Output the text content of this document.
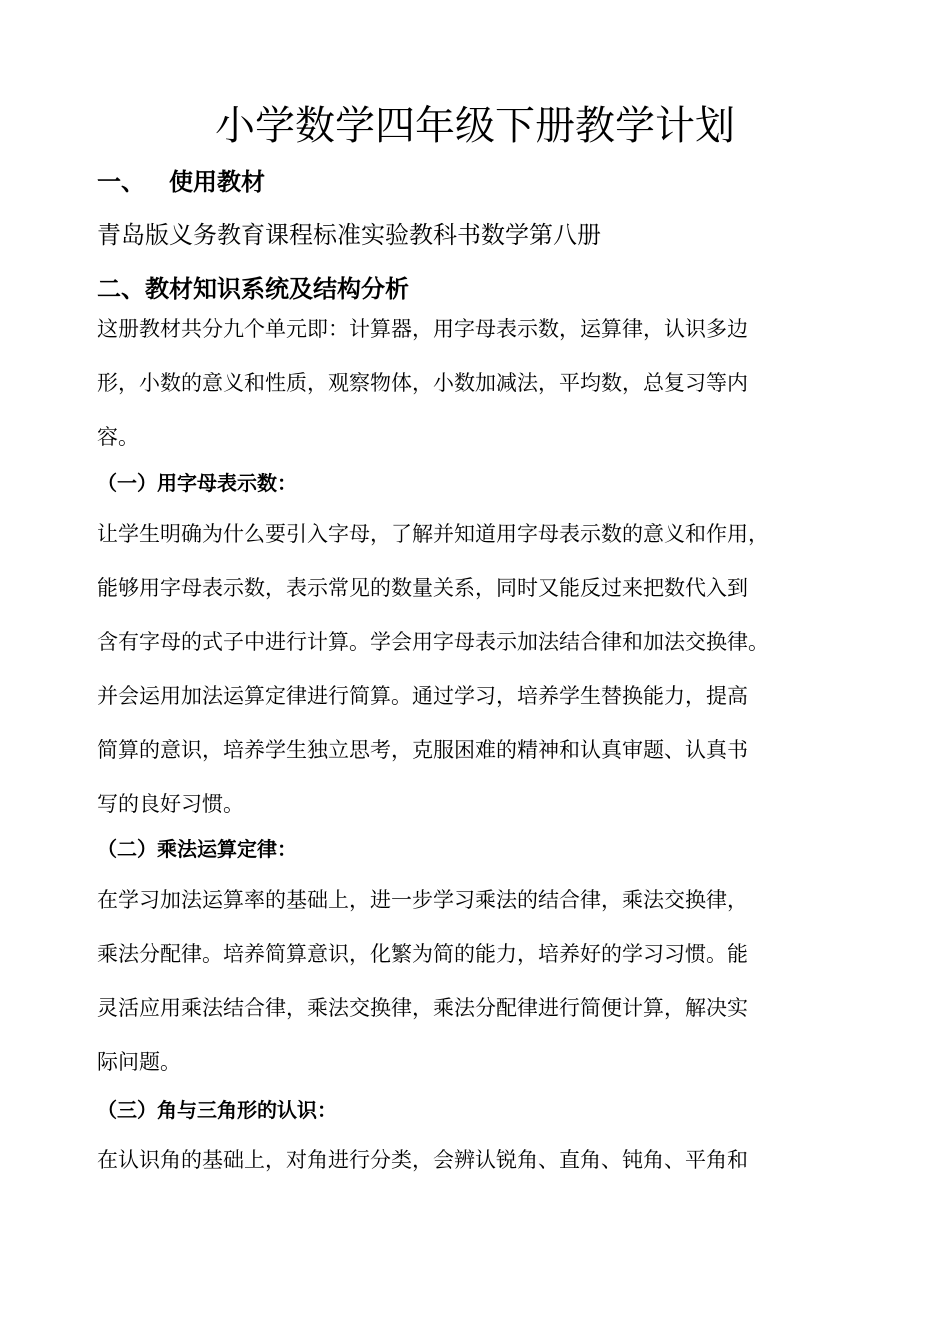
小学数学四年级下册教学计划
一、 使用教材

青岛版义务教育课程标准实验教科书数学第八册

二、教材知识系统及结构分析
这册教材共分九个单元即：计算器，用字母表示数，运算律，认识多边
形，小数的意义和性质，观察物体，小数加减法，平均数，总复习等内
容。
（一）用字母表示数：
让学生明确为什么要引入字母，了解并知道用字母表示数的意义和作用，
能够用字母表示数，表示常见的数量关系，同时又能反过来把数代入到
含有字母的式子中进行计算。学会用字母表示加法结合律和加法交换律。
并会运用加法运算定律进行简算。通过学习，培养学生替换能力，提高
简算的意识，培养学生独立思考，克服困难的精神和认真审题、认真书
写的良好习惯。
（二）乘法运算定律：
在学习加法运算率的基础上，进一步学习乘法的结合律，乘法交换律，
乘法分配律。培养简算意识，化繁为简的能力，培养好的学习习惯。能
灵活应用乘法结合律，乘法交换律，乘法分配律进行简便计算，解决实
际问题。
（三）角与三角形的认识：
在认识角的基础上，对角进行分类，会辨认锐角、直角、钝角、平角和
